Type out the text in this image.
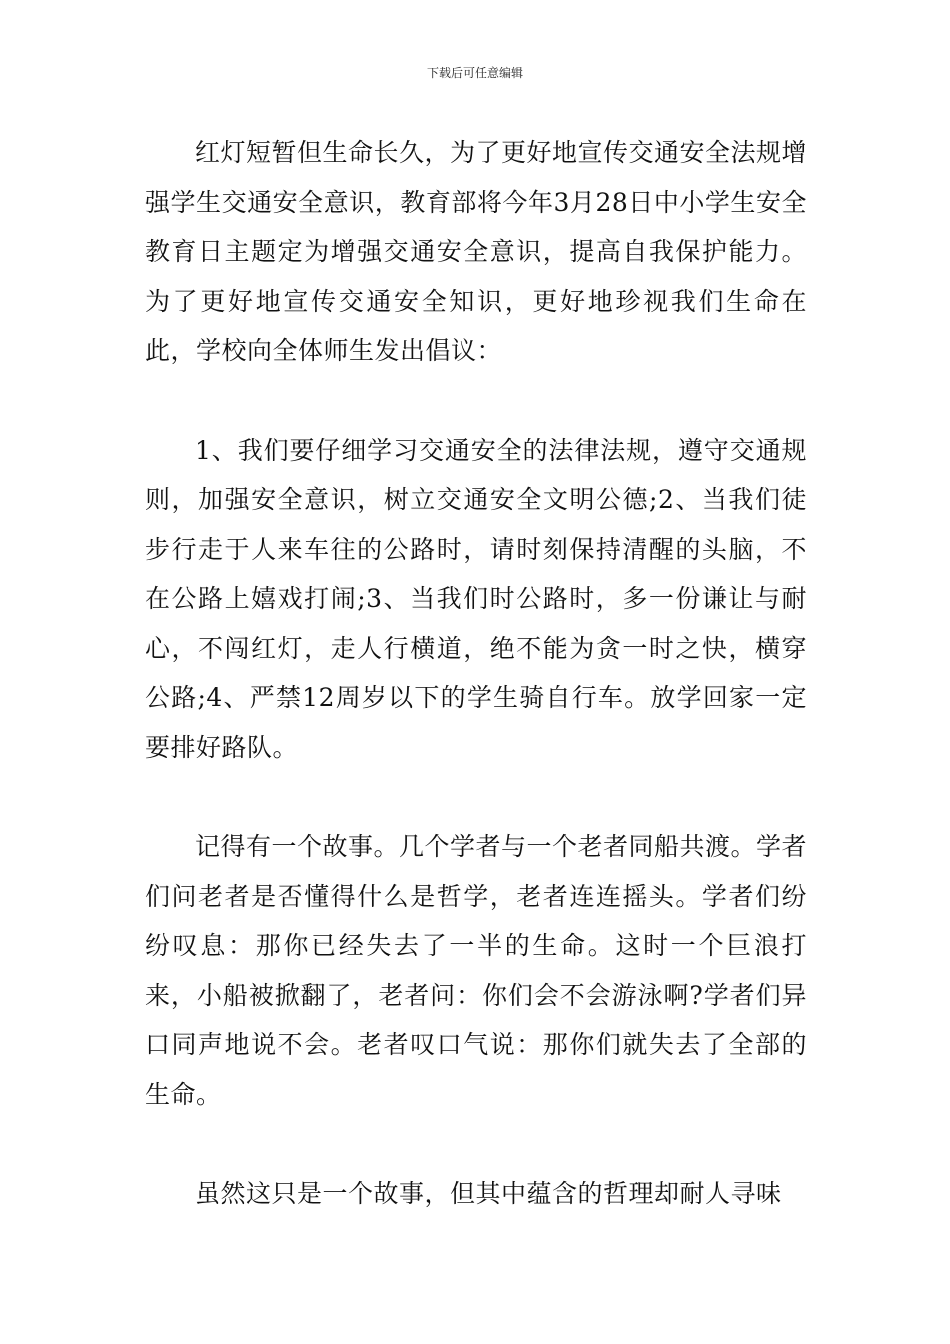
下载后可任意编辑

红灯短暂但生命长久，为了更好地宣传交通安全法规增强学生交通安全意识，教育部将今年3月28日中小学生安全教育日主题定为增强交通安全意识，提高自我保护能力。为了更好地宣传交通安全知识，更好地珍视我们生命在此，学校向全体师生发出倡议：

1、我们要仔细学习交通安全的法律法规，遵守交通规则，加强安全意识，树立交通安全文明公德;2、当我们徒步行走于人来车往的公路时，请时刻保持清醒的头脑，不在公路上嬉戏打闹;3、当我们时公路时，多一份谦让与耐心，不闯红灯，走人行横道，绝不能为贪一时之快，横穿公路;4、严禁12周岁以下的学生骑自行车。放学回家一定要排好路队。

记得有一个故事。几个学者与一个老者同船共渡。学者们问老者是否懂得什么是哲学，老者连连摇头。学者们纷纷叹息：那你已经失去了一半的生命。这时一个巨浪打来，小船被掀翻了，老者问：你们会不会游泳啊?学者们异口同声地说不会。老者叹口气说：那你们就失去了全部的生命。

虽然这只是一个故事，但其中蕴含的哲理却耐人寻味
